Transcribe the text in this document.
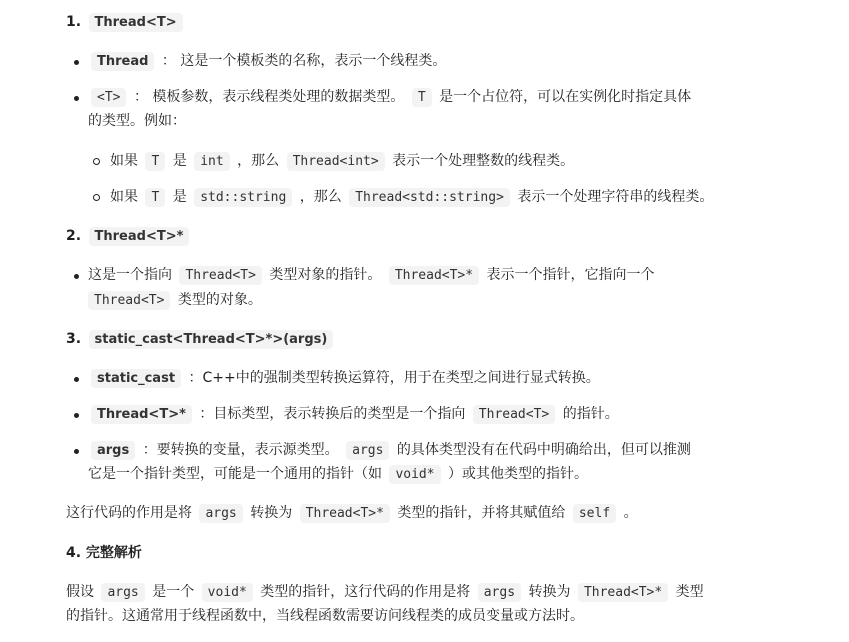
1. Thread<T>
Thread ： 这是一个模板类的名称，表示一个线程类。
<T> ： 模板参数，表示线程类处理的数据类型。 T 是一个占位符，可以在实例化时指定具体
的类型。例如：
如果 T 是 int ，那么 Thread<int> 表示一个处理整数的线程类。
如果 T 是 std::string ，那么 Thread<std::string> 表示一个处理字符串的线程类。
2. Thread<T>*
这是一个指向 Thread<T> 类型对象的指针。 Thread<T>* 表示一个指针，它指向一个
Thread<T> 类型的对象。
3. static_cast<Thread<T>*>(args)
static_cast ：C++中的强制类型转换运算符，用于在类型之间进行显式转换。
Thread<T>* ：目标类型，表示转换后的类型是一个指向 Thread<T> 的指针。
args ：要转换的变量，表示源类型。 args 的具体类型没有在代码中明确给出，但可以推测
它是一个指针类型，可能是一个通用的指针（如 void* ）或其他类型的指针。
这行代码的作用是将 args 转换为 Thread<T>* 类型的指针，并将其赋值给 self 。
4. 完整解析
假设 args 是一个 void* 类型的指针，这行代码的作用是将 args 转换为 Thread<T>* 类型
的指针。这通常用于线程函数中，当线程函数需要访问线程类的成员变量或方法时。
